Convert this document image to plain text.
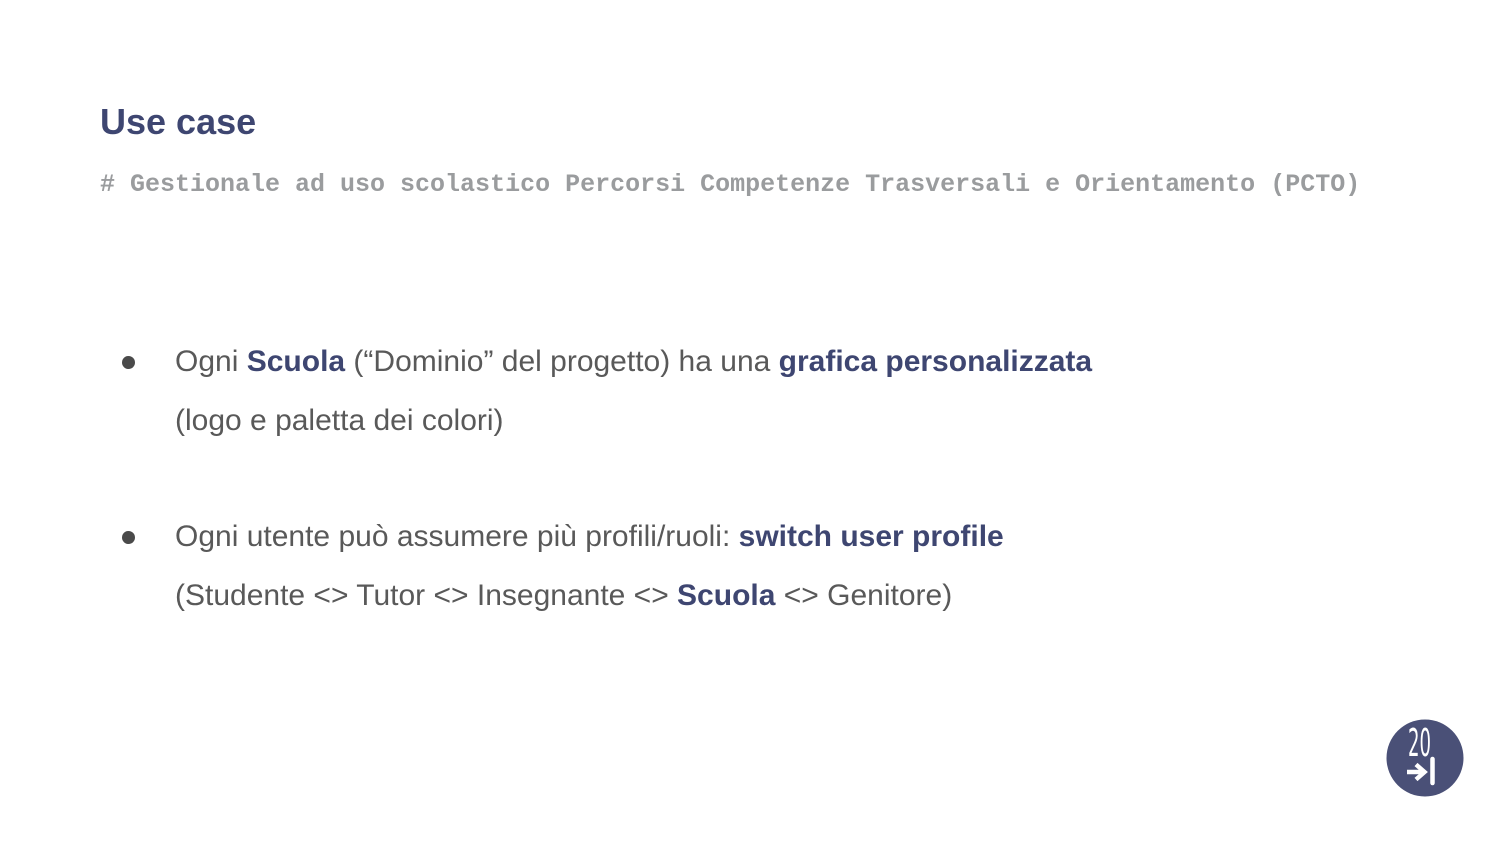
Use case
# Gestionale ad uso scolastico Percorsi Competenze Trasversali e Orientamento (PCTO)
Ogni Scuola (“Dominio” del progetto) ha una grafica personalizzata
(logo e paletta dei colori)
Ogni utente può assumere più profili/ruoli: switch user profile
(Studente <> Tutor <> Insegnante <> Scuola <> Genitore)
20
